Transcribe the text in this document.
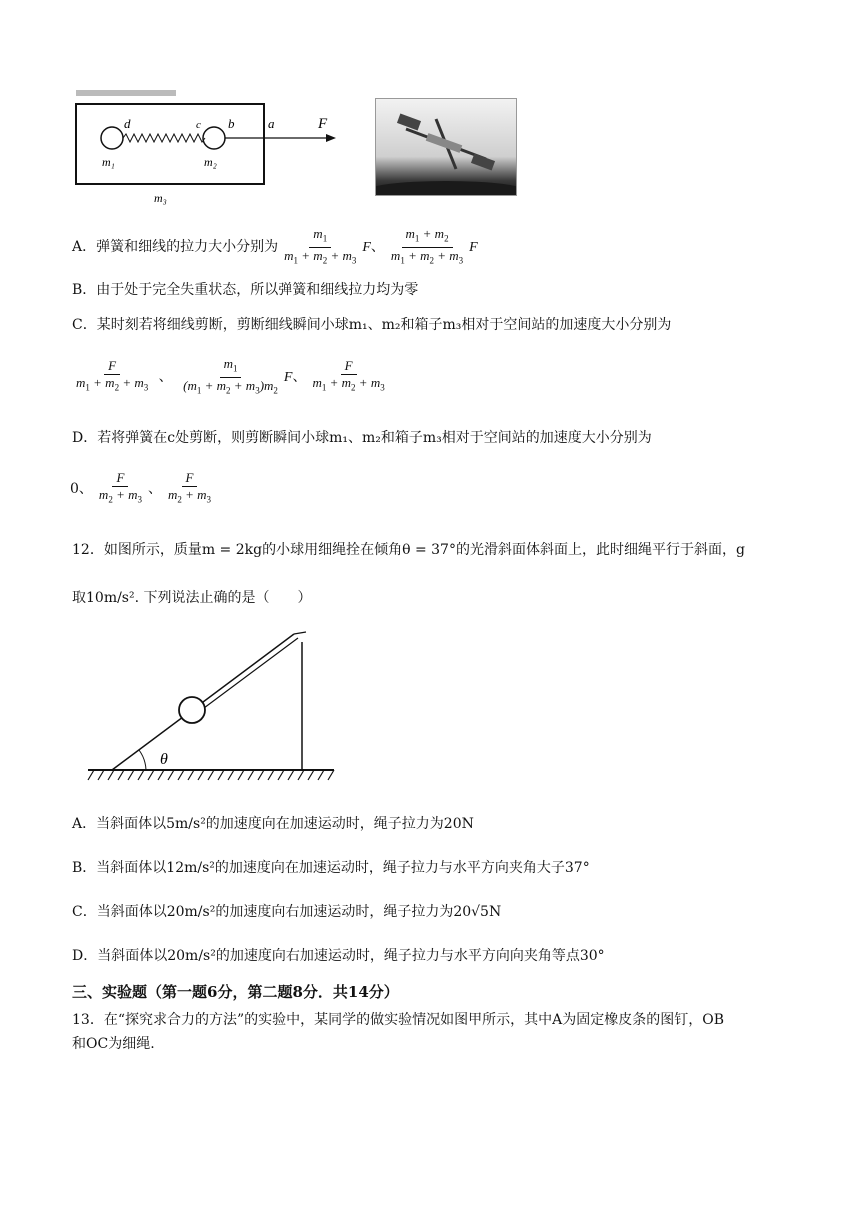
d	c b	a	F
m₁	m₂
m₃
A．弹簧和细线的拉力大小分别为 $\frac{m_1}{m_1 + m_2 + m_3}$ F、 $\frac{m_1 + m_2}{m_1 + m_2 + m_3}$ F
B．由于处于完全失重状态，所以弹簧和细线拉力均为零
C．某时刻若将细线剪断，剪断细线瞬间小球m₁、m₂和箱子m₃相对于空间站的加速度大小分别为
$\frac{F}{m_1 + m_2 + m_3}$ 、 $\frac{m_1}{(m_1 + m_2 + m_3)m_2}$ F、 $\frac{F}{m_1 + m_2 + m_3}$
D．若将弹簧在c处剪断，则剪断瞬间小球m₁、m₂和箱子m₃相对于空间站的加速度大小分别为
0、 $\frac{F}{m_2 + m_3}$ 、 $\frac{F}{m_2 + m_3}$
12．如图所示，质量m = 2kg的小球用细绳拴在倾角θ = 37°的光滑斜面体斜面上，此时细绳平行于斜面，g
取10m/s². 下列说法止确的是（　　）
θ
A．当斜面体以5m/s²的加速度向在加速运动时，绳子拉力为20N
B．当斜面体以12m/s²的加速度向在加速运动时，绳子拉力与水平方向夹角大子37°
C．当斜面体以20m/s²的加速度向右加速运动时，绳子拉力为20√5N
D．当斜面体以20m/s²的加速度向右加速运动时，绳子拉力与水平方向向夹角等点30°
三、实验题（第一题6分，第二题8分．共14分）
13．在“探究求合力的方法”的实验中，某同学的做实验情况如图甲所示，其中A为固定橡皮条的图钉，OB
和OC为细绳.
